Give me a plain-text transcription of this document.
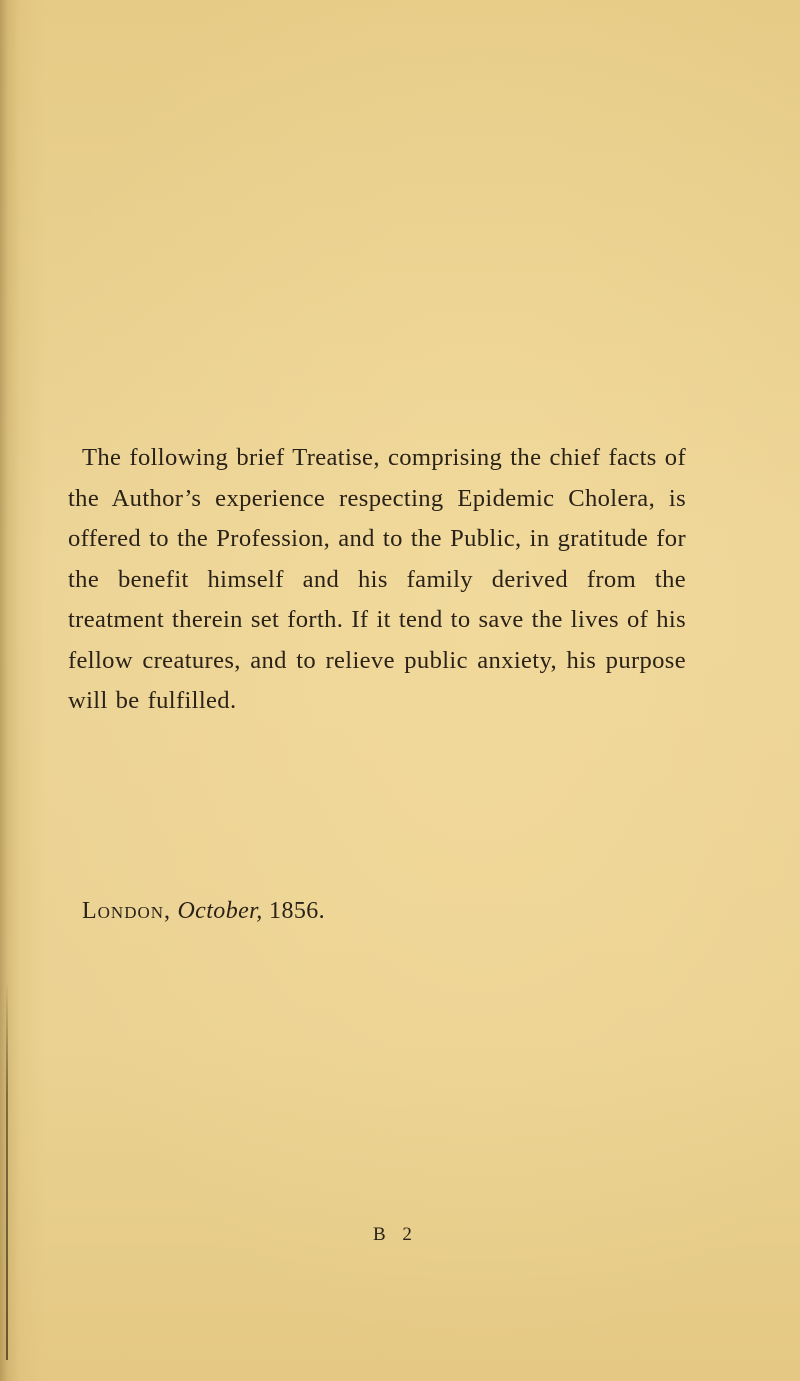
The following brief Treatise, comprising the chief facts of the Author’s experience respecting Epidemic Cholera, is offered to the Profession, and to the Public, in gratitude for the benefit himself and his family derived from the treatment therein set forth. If it tend to save the lives of his fellow creatures, and to relieve public anxiety, his purpose will be fulfilled.

London, October, 1856.

B 2
